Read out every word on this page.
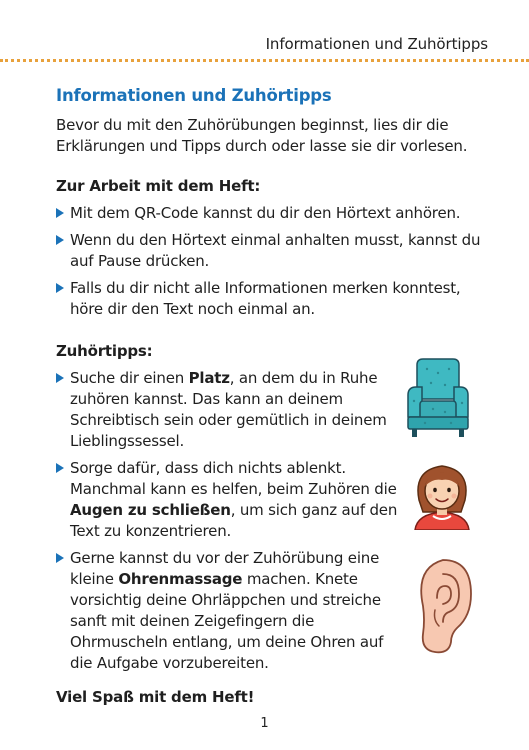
Informationen und Zuhörtipps
Informationen und Zuhörtipps

Bevor du mit den Zuhörübungen beginnst, lies dir die Erklärungen und Tipps durch oder lasse sie dir vorlesen.

Zur Arbeit mit dem Heft:
Mit dem QR-Code kannst du dir den Hörtext anhören.
Wenn du den Hörtext einmal anhalten musst, kannst du auf Pause drücken.
Falls du dir nicht alle Informationen merken konntest, höre dir den Text noch einmal an.
Zuhörtipps:
Suche dir einen Platz, an dem du in Ruhe zuhören kannst. Das kann an deinem Schreibtisch sein oder gemütlich in deinem Lieblingssessel.
Sorge dafür, dass dich nichts ablenkt. Manchmal kann es helfen, beim Zuhören die Augen zu schließen, um sich ganz auf den Text zu konzentrieren.
Gerne kannst du vor der Zuhörübung eine kleine Ohrenmassage machen. Knete vorsichtig deine Ohrläppchen und streiche sanft mit deinen Zeigefingern die Ohrmuscheln entlang, um deine Ohren auf die Aufgabe vorzubereiten.
Viel Spaß mit dem Heft!
1
